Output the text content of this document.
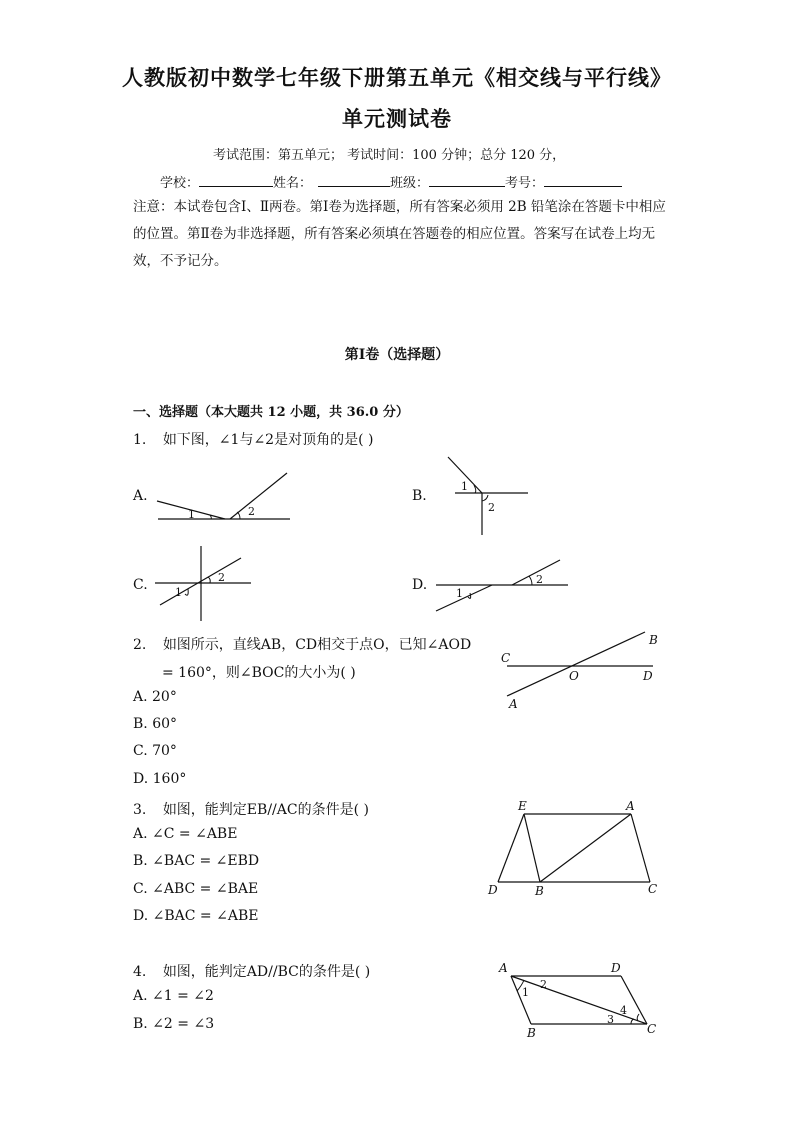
人教版初中数学七年级下册第五单元《相交线与平行线》
单元测试卷
考试范围：第五单元； 考试时间：100 分钟；总分 120 分，
学校：	姓名：	班级：	考号：
注意：本试卷包含Ⅰ、Ⅱ两卷。第Ⅰ卷为选择题，所有答案必须用 2B 铅笔涂在答题卡中相应的位置。第Ⅱ卷为非选择题，所有答案必须填在答题卷的相应位置。答案写在试卷上均无效，不予记分。
第Ⅰ卷（选择题）
一、选择题（本大题共 12 小题，共 36.0 分）
1. 如下图，∠1与∠2是对顶角的是( )
A.
1	2
B.
1
2
C. 1
2	D.
1
2
2. 如图所示，直线AB，CD相交于点O，已知∠AOD
= 160°，则∠BOC的大小为( )
A. 20°
B. 60°
C. 70°
D. 160°
C
B
O	D
A
3. 如图，能判定EB//AC的条件是( )
A. ∠C = ∠ABE
B. ∠BAC = ∠EBD
C. ∠ABC = ∠BAE
D. ∠BAC = ∠ABE
E	A
D	B	C
4. 如图，能判定AD//BC的条件是( )
A. ∠1 = ∠2
B. ∠2 = ∠3
A	D
B	C
1
2
3
4
